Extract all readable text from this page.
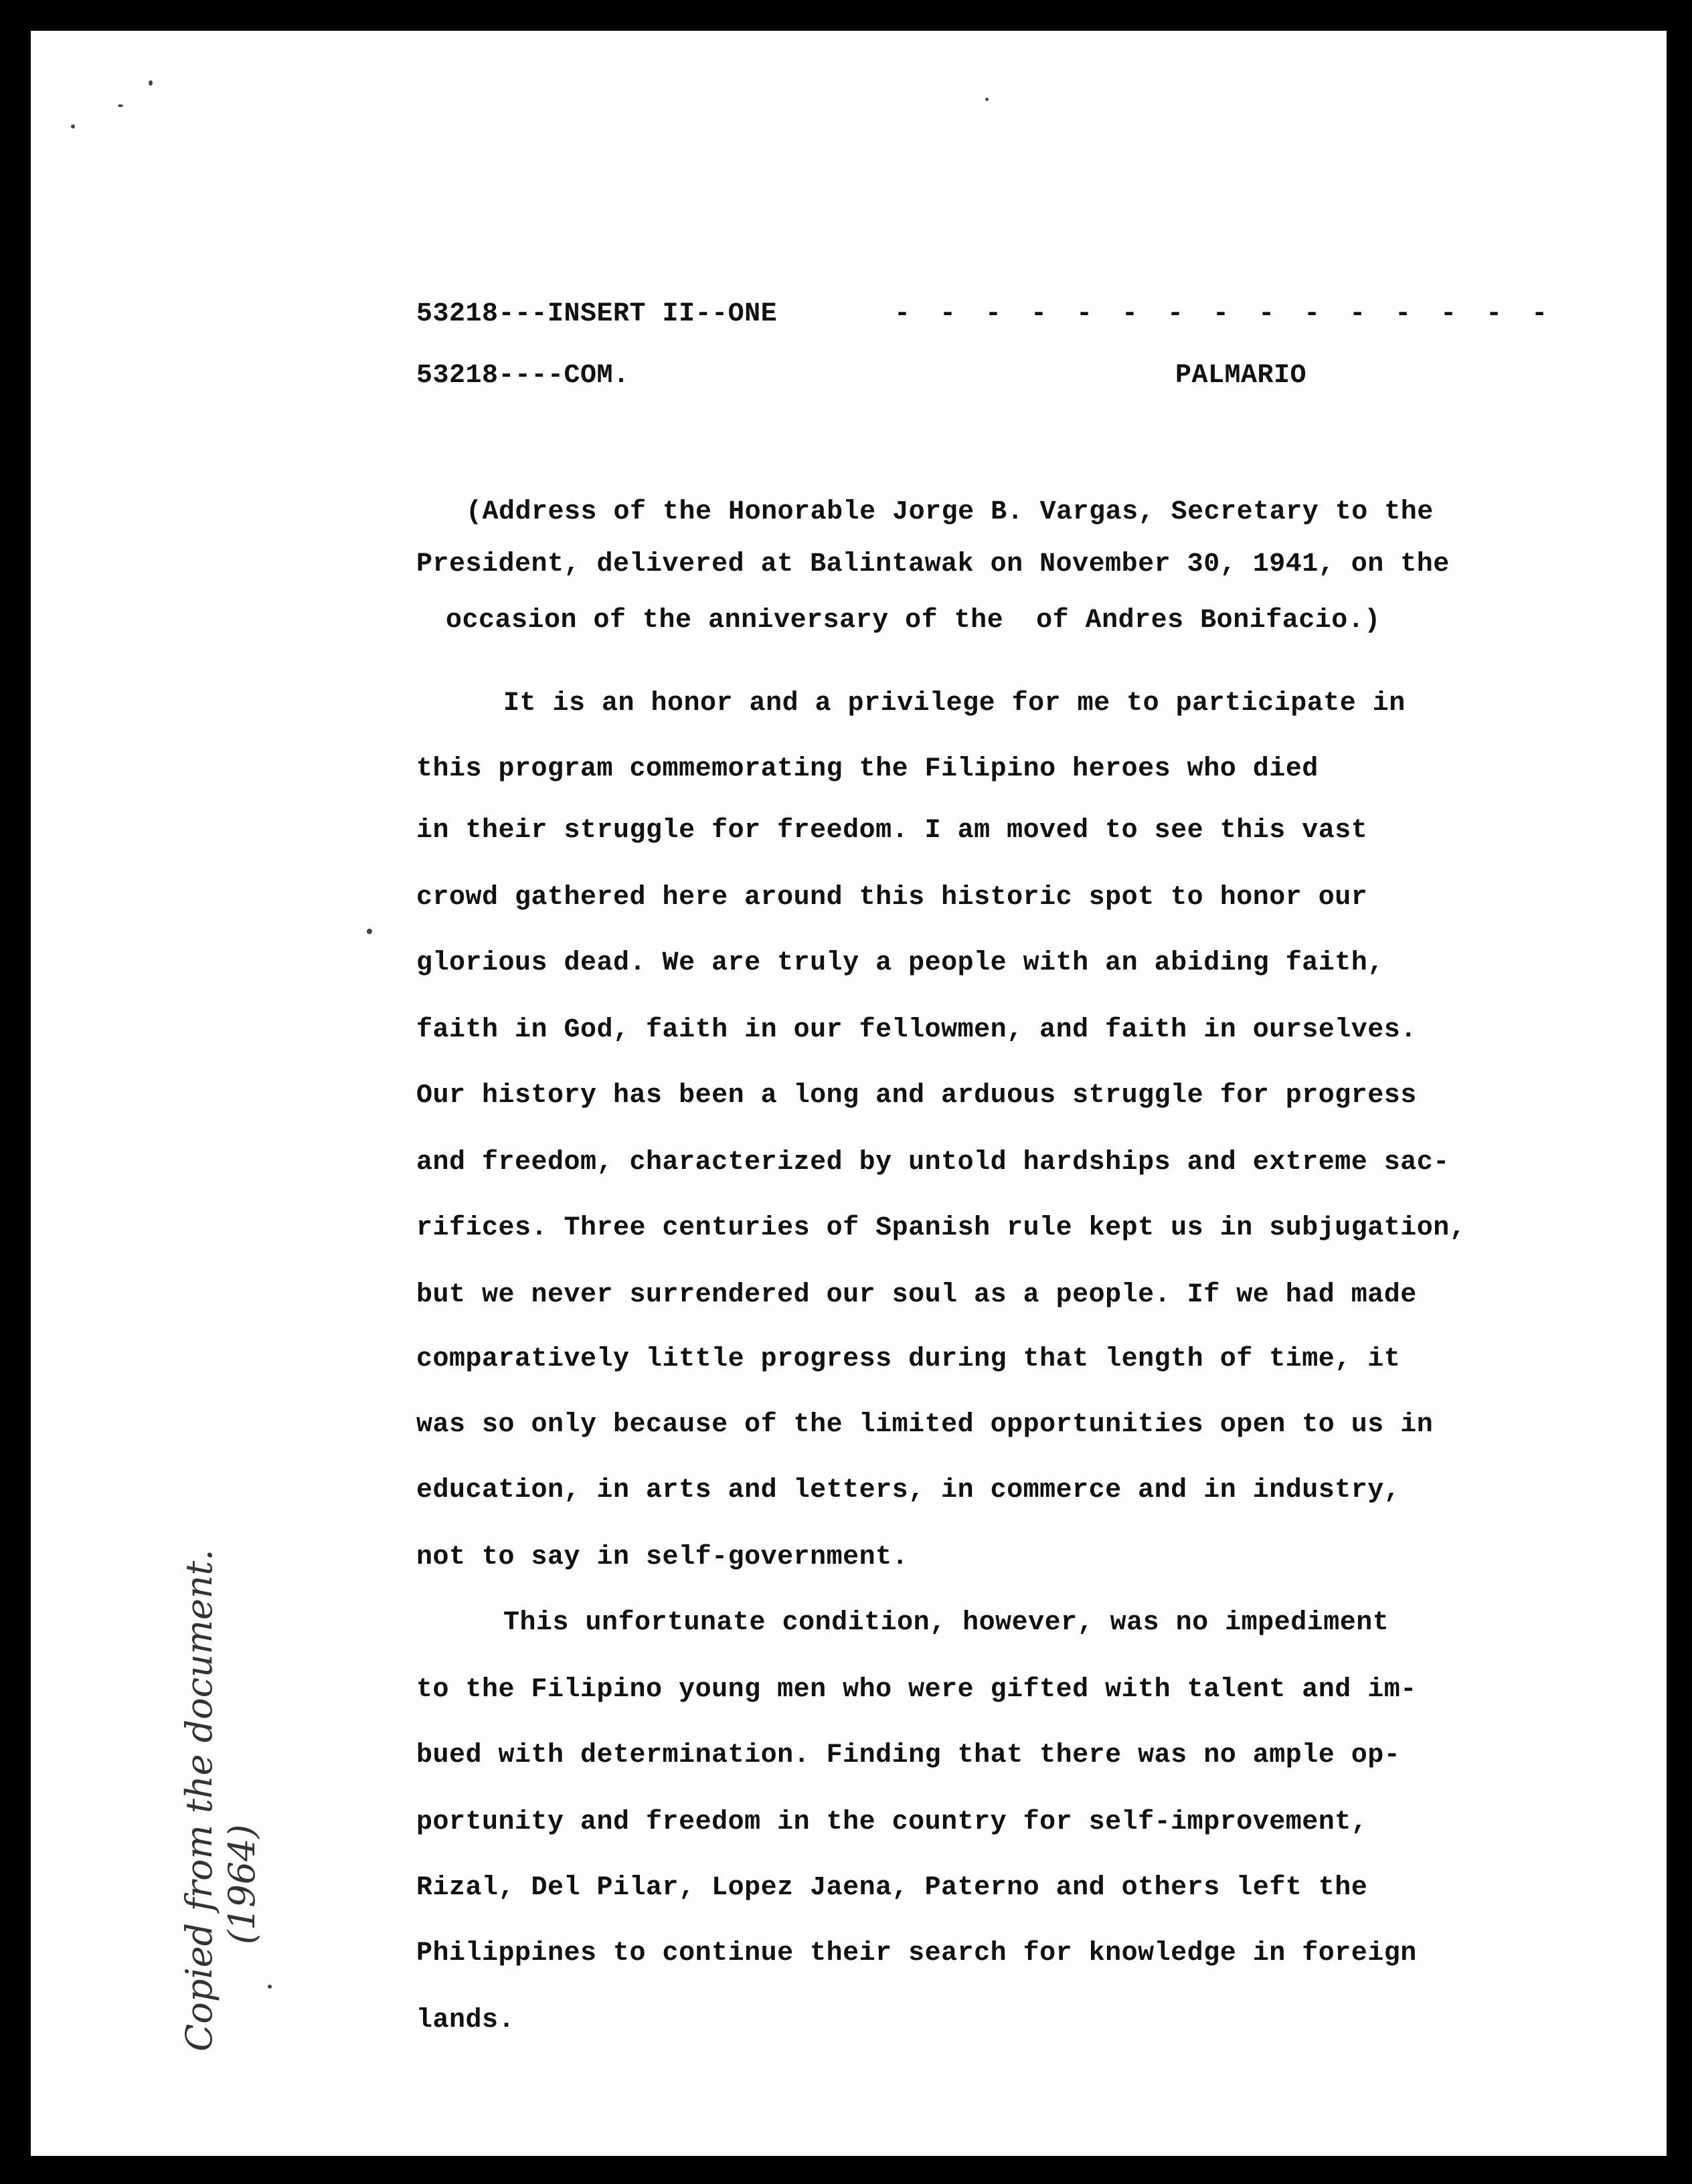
53218---INSERT II--ONE	- - - - - - - - - - - - - - -
53218----COM.	PALMARIO
(Address of the Honorable Jorge B. Vargas, Secretary to the
President, delivered at Balintawak on November 30, 1941, on the
occasion of the anniversary of the  of Andres Bonifacio.)
It is an honor and a privilege for me to participate in
this program commemorating the Filipino heroes who died
in their struggle for freedom. I am moved to see this vast
crowd gathered here around this historic spot to honor our
glorious dead. We are truly a people with an abiding faith,
faith in God, faith in our fellowmen, and faith in ourselves.
Our history has been a long and arduous struggle for progress
and freedom, characterized by untold hardships and extreme sac-
rifices. Three centuries of Spanish rule kept us in subjugation,
but we never surrendered our soul as a people. If we had made
comparatively little progress during that length of time, it
was so only because of the limited opportunities open to us in
education, in arts and letters, in commerce and in industry,
not to say in self-government.
This unfortunate condition, however, was no impediment
to the Filipino young men who were gifted with talent and im-
bued with determination. Finding that there was no ample op-
portunity and freedom in the country for self-improvement,
Rizal, Del Pilar, Lopez Jaena, Paterno and others left the
Philippines to continue their search for knowledge in foreign
lands.
Copied from the document. (1964)
